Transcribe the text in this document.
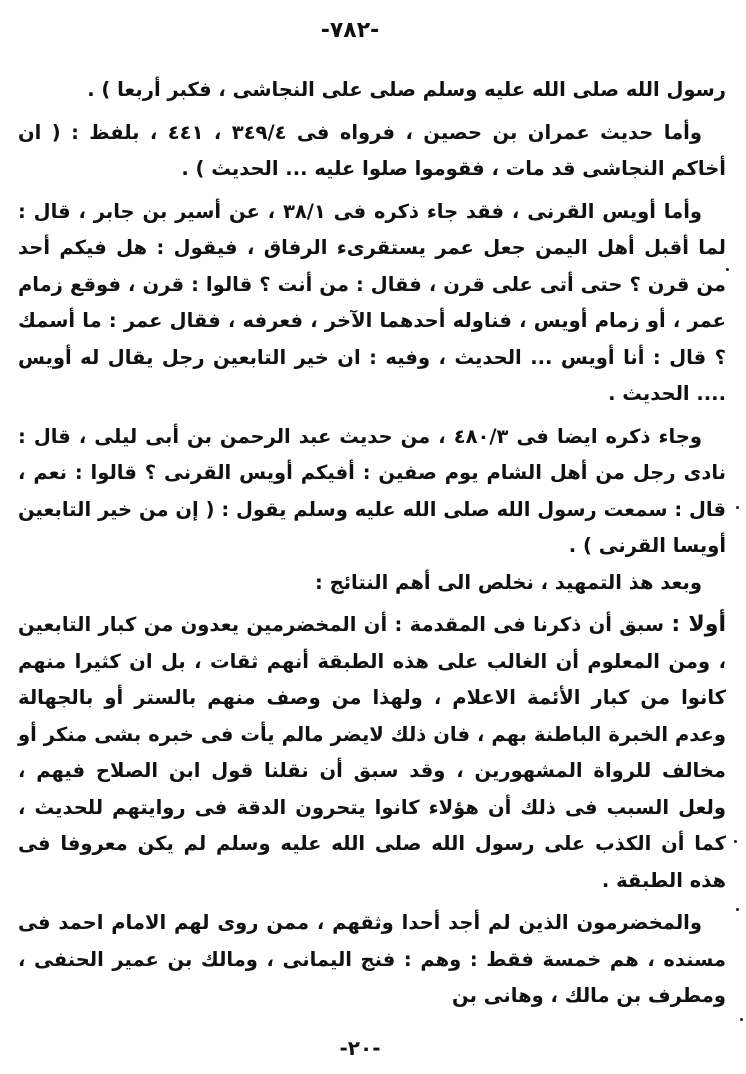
-٧٨٢-

رسول الله صلى الله عليه وسلم صلى على النجاشى ، فكبر أربعا ) .

وأما حديث عمران بن حصين ، فرواه فى ٣٤٩/٤ ، ٤٤١ ، بلفظ : ( ان أخاكم النجاشى قد مات ، فقوموا صلوا عليه ... الحديث ) .

وأما أويس القرنى ، فقد جاء ذكره فى ٣٨/١ ، عن أسير بن جابر ، قال : لما أقبل أهل اليمن جعل عمر يستقرىء الرفاق ، فيقول : هل فيكم أحد من قرن ؟ حتى أتى على قرن ، فقال : من أنت ؟ قالوا : قرن ، فوقع زمام عمر ، أو زمام أويس ، فناوله أحدهما الآخر ، فعرفه ، فقال عمر : ما أسمك ؟ قال : أنا أويس ... الحديث ، وفيه : ان خير التابعين رجل يقال له أويس .... الحديث .

وجاء ذكره ايضا فى ٤٨٠/٣ ، من حديث عبد الرحمن بن أبى ليلى ، قال : نادى رجل من أهل الشام يوم صفين : أفيكم أويس القرنى ؟ قالوا : نعم ، قال : سمعت رسول الله صلى الله عليه وسلم يقول : ( إن من خير التابعين أويسا القرنى ) .

وبعد هذ التمهيد ، نخلص الى أهم النتائج :

أولا : سبق أن ذكرنا فى المقدمة : أن المخضرمين يعدون من كبار التابعين ، ومن المعلوم أن الغالب على هذه الطبقة أنهم ثقات ، بل ان كثيرا منهم كانوا من كبار الأئمة الاعلام ، ولهذا من وصف منهم بالستر أو بالجهالة وعدم الخبرة الباطنة بهم ، فان ذلك لايضر مالم يأت فى خبره بشى منكر أو مخالف للرواة المشهورين ، وقد سبق أن نقلنا قول ابن الصلاح فيهم ، ولعل السبب فى ذلك أن هؤلاء كانوا يتحرون الدقة فى روايتهم للحديث ، كما أن الكذب على رسول الله صلى الله عليه وسلم لم يكن معروفا فى هذه الطبقة .

والمخضرمون الذين لم أجد أحدا وثقهم ، ممن روى لهم الامام احمد فى مسنده ، هم خمسة فقط : وهم : فنج اليمانى ، ومالك بن عمير الحنفى ، ومطرف بن مالك ، وهانى بن

-٢٠-
